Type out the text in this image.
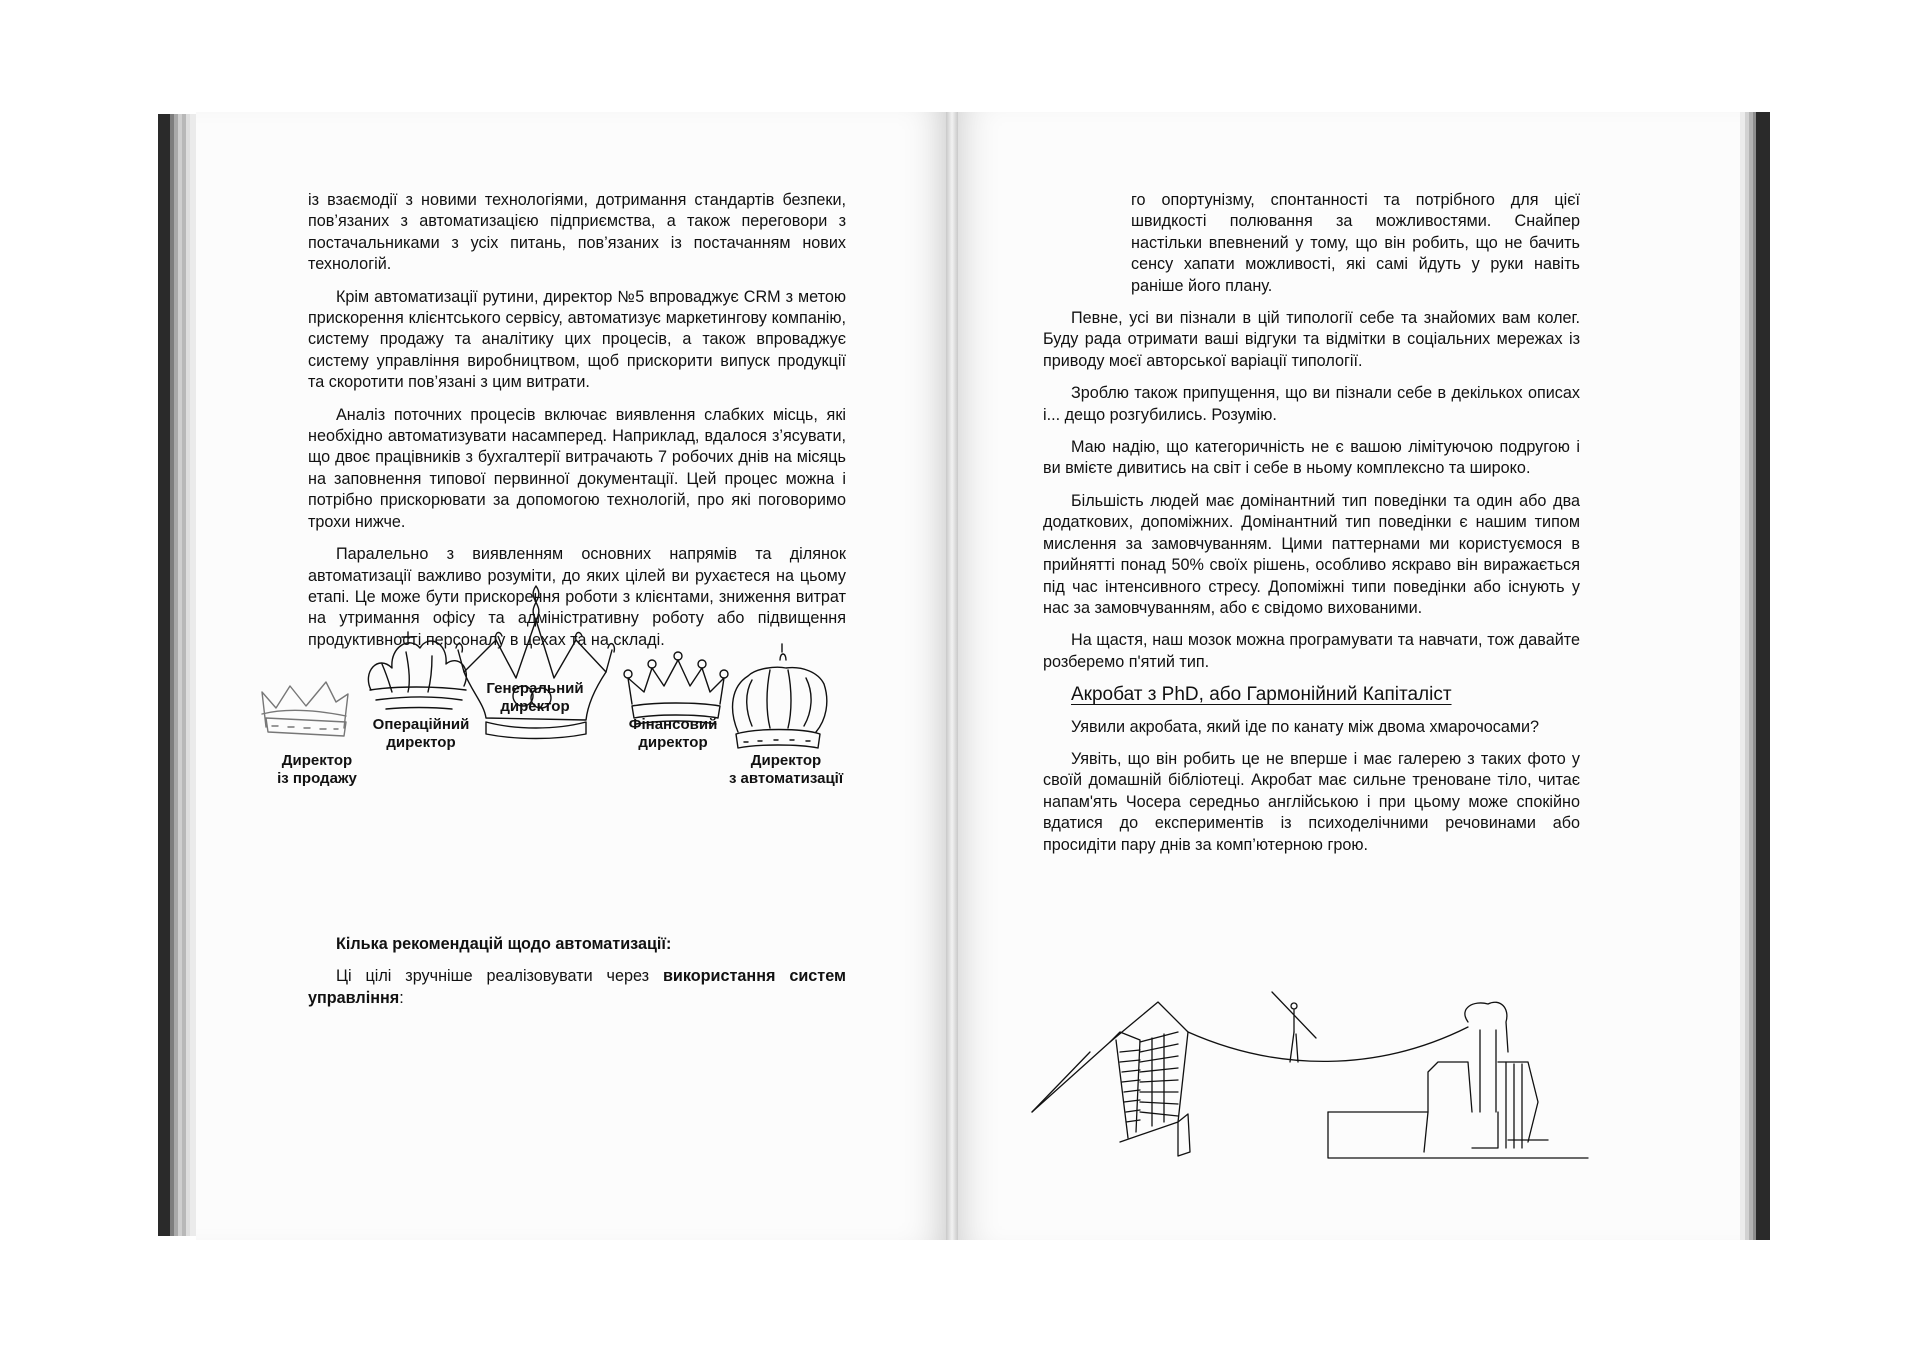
із взаємодії з новими технологіями, дотримання стандартів безпеки, пов’язаних з автоматизацією підприємства, а також переговори з постачальниками з усіх питань, пов’язаних із постачанням нових технологій.

Крім автоматизації рутини, директор №5 впроваджує CRM з метою прискорення клієнтського сервісу, автоматизує маркетингову компанію, систему продажу та аналітику цих процесів, а також впроваджує систему управління виробництвом, щоб прискорити випуск продукції та скоротити пов’язані з цим витрати.

Аналіз поточних процесів включає виявлення слабких місць, які необхідно автоматизувати насамперед. Наприклад, вдалося з’ясувати, що двоє працівників з бухгалтерії витрачають 7 робочих днів на місяць на заповнення типової первинної документації. Цей процес можна і потрібно прискорювати за допомогою технологій, про які поговоримо трохи нижче.

Паралельно з виявленням основних напрямів та ділянок автоматизації важливо розуміти, до яких цілей ви рухаєтеся на цьому етапі. Це може бути прискорення роботи з клієнтами, зниження витрат на утримання офісу та адміністративну роботу або підвищення продуктивності персоналу в цехах та на складі.

Директор
із продажу
Операційний
директор
Генеральний
директор
Фінансовий
директор
Директор
з автоматизації

Кілька рекомендацій щодо автоматизації:

Ці цілі зручніше реалізовувати через використання систем управління:

го опортунізму, спонтанності та потрібного для цієї швидкості полювання за можливостями. Снайпер настільки впевнений у тому, що він робить, що не бачить сенсу хапати можливості, які самі йдуть у руки навіть раніше його плану.

Певне, усі ви пізнали в цій типології себе та знайомих вам колег. Буду рада отримати ваші відгуки та відмітки в соціальних мережах із приводу моєї авторської варіації типології.

Зроблю також припущення, що ви пізнали себе в декількох описах і... дещо розгубились. Розумію.

Маю надію, що категоричність не є вашою лімітуючою подругою і ви вмієте дивитись на світ і себе в ньому комплексно та широко.

Більшість людей має домінантний тип поведінки та один або два додаткових, допоміжних. Домінантний тип поведінки є нашим типом мислення за замовчуванням. Цими паттернами ми користуємося в прийнятті понад 50% своїх рішень, особливо яскраво він виражається під час інтенсивного стресу. Допоміжні типи поведінки або існують у нас за замовчуванням, або є свідомо вихованими.

На щастя, наш мозок можна програмувати та навчати, тож давайте розберемо п'ятий тип.

Акробат з PhD, або Гармонійний Капіталіст

Уявили акробата, який іде по канату між двома хмарочосами?

Уявіть, що він робить це не вперше і має галерею з таких фото у своїй домашній бібліотеці. Акробат має сильне треноване тіло, читає напам'ять Чосера середньо англійською і при цьому може спокійно вдатися до експериментів із психоделічними речовинами або просидіти пару днів за комп’ютерною грою.
